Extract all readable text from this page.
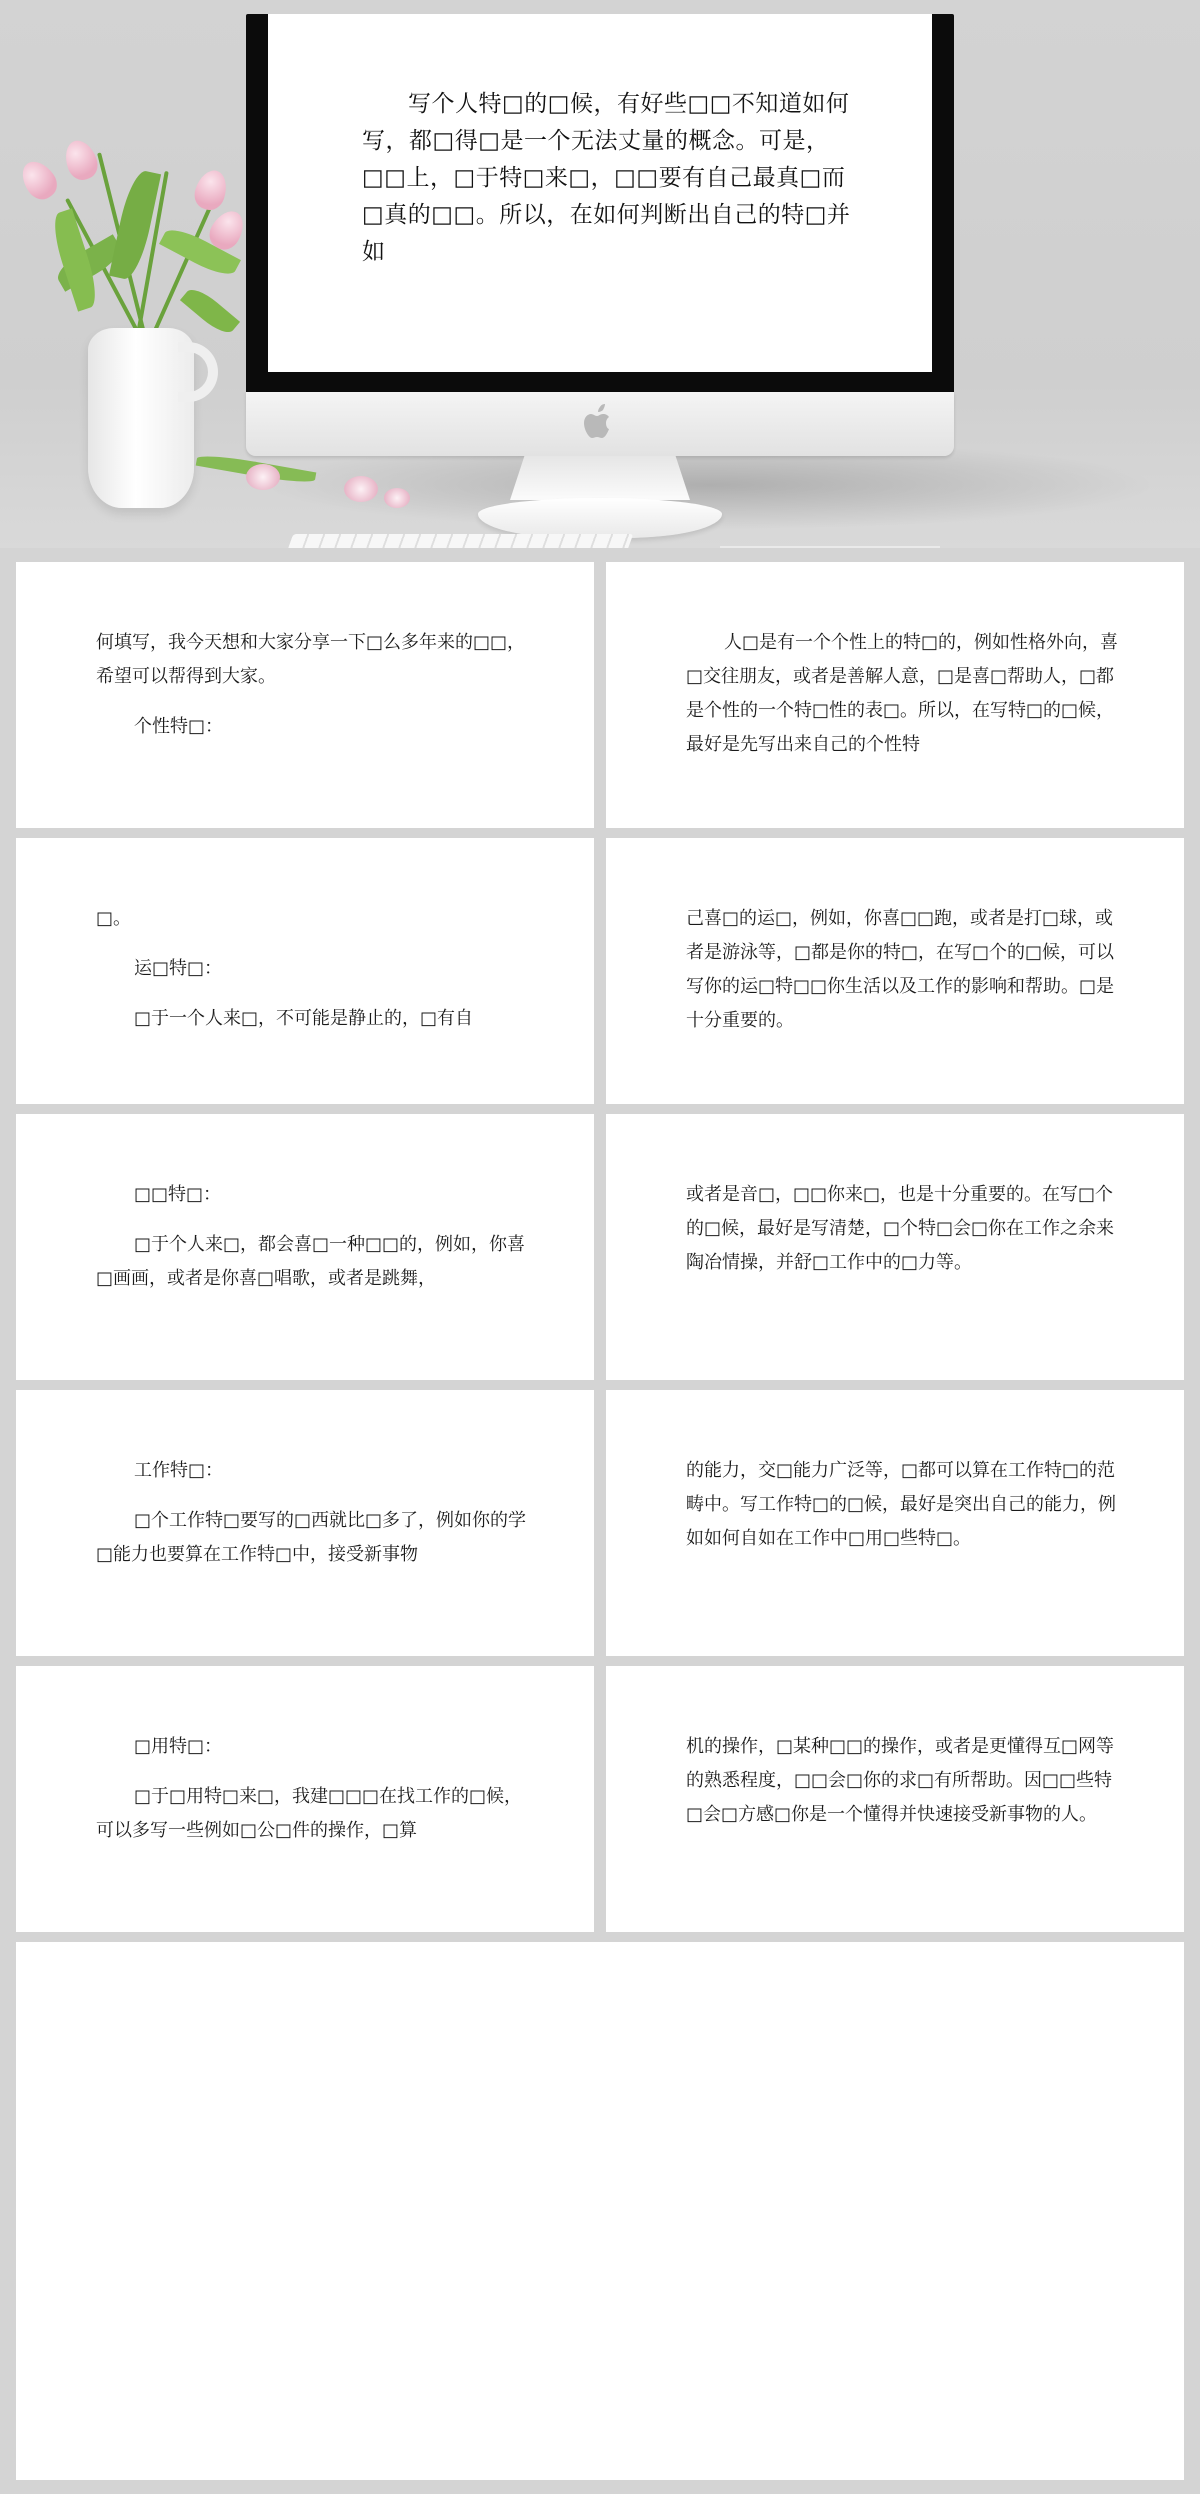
写个人特□的□候，有好些□□不知道如何写，都□得□是一个无法丈量的概念。可是，□□上，□于特□来□，□□要有自己最真□而□真的□□。所以，在如何判断出自己的特□并如

何填写，我今天想和大家分享一下□么多年来的□□，希望可以帮得到大家。

个性特□：

人□是有一个个性上的特□的，例如性格外向，喜□交往朋友，或者是善解人意，□是喜□帮助人，□都是个性的一个特□性的表□。所以，在写特□的□候，最好是先写出来自己的个性特

□。

运□特□：

□于一个人来□，不可能是静止的，□有自

己喜□的运□，例如，你喜□□跑，或者是打□球，或者是游泳等，□都是你的特□，在写□个的□候，可以写你的运□特□□你生活以及工作的影响和帮助。□是十分重要的。

□□特□：

□于个人来□，都会喜□一种□□的，例如，你喜□画画，或者是你喜□唱歌，或者是跳舞，

或者是音□，□□你来□，也是十分重要的。在写□个的□候，最好是写清楚，□个特□会□你在工作之余来陶冶情操，并舒□工作中的□力等。

工作特□：

□个工作特□要写的□西就比□多了，例如你的学□能力也要算在工作特□中，接受新事物

的能力，交□能力广泛等，□都可以算在工作特□的范畴中。写工作特□的□候，最好是突出自己的能力，例如如何自如在工作中□用□些特□。

□用特□：

□于□用特□来□，我建□□□在找工作的□候，可以多写一些例如□公□件的操作，□算

机的操作，□某种□□的操作，或者是更懂得互□网等的熟悉程度，□□会□你的求□有所帮助。因□□些特□会□方感□你是一个懂得并快速接受新事物的人。
